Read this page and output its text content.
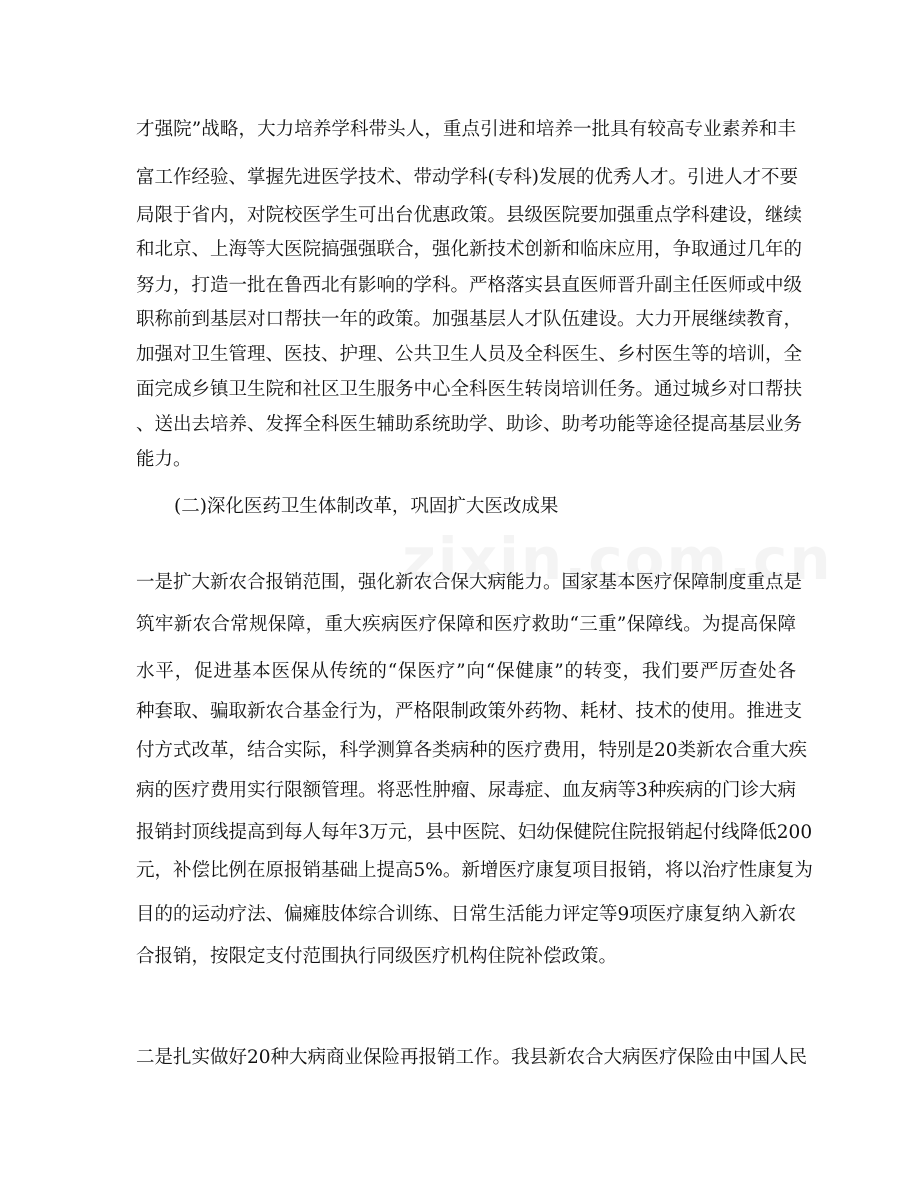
才强院”战略，大力培养学科带头人，重点引进和培养一批具有较高专业素养和丰
富工作经验、掌握先进医学技术、带动学科(专科)发展的优秀人才。引进人才不要
局限于省内，对院校医学生可出台优惠政策。县级医院要加强重点学科建设，继续
和北京、上海等大医院搞强强联合，强化新技术创新和临床应用，争取通过几年的
努力，打造一批在鲁西北有影响的学科。严格落实县直医师晋升副主任医师或中级
职称前到基层对口帮扶一年的政策。加强基层人才队伍建设。大力开展继续教育，
加强对卫生管理、医技、护理、公共卫生人员及全科医生、乡村医生等的培训，全
面完成乡镇卫生院和社区卫生服务中心全科医生转岗培训任务。通过城乡对口帮扶
、送出去培养、发挥全科医生辅助系统助学、助诊、助考功能等途径提高基层业务
能力。
(二)深化医药卫生体制改革，巩固扩大医改成果
一是扩大新农合报销范围，强化新农合保大病能力。国家基本医疗保障制度重点是
筑牢新农合常规保障，重大疾病医疗保障和医疗救助“三重”保障线。为提高保障
水平，促进基本医保从传统的“保医疗”向“保健康”的转变，我们要严厉查处各
种套取、骗取新农合基金行为，严格限制政策外药物、耗材、技术的使用。推进支
付方式改革，结合实际，科学测算各类病种的医疗费用，特别是20类新农合重大疾
病的医疗费用实行限额管理。将恶性肿瘤、尿毒症、血友病等3种疾病的门诊大病
报销封顶线提高到每人每年3万元，县中医院、妇幼保健院住院报销起付线降低200
元，补偿比例在原报销基础上提高5%。新增医疗康复项目报销，将以治疗性康复为
目的的运动疗法、偏瘫肢体综合训练、日常生活能力评定等9项医疗康复纳入新农
合报销，按限定支付范围执行同级医疗机构住院补偿政策。
二是扎实做好20种大病商业保险再报销工作。我县新农合大病医疗保险由中国人民
